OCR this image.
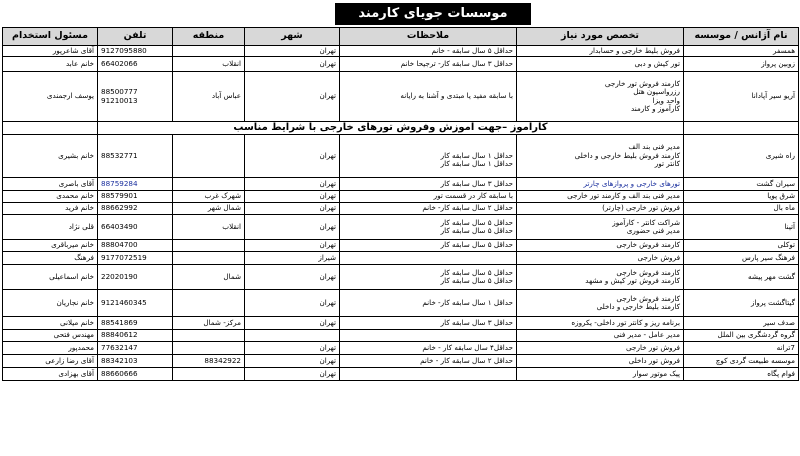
موسسات جویای کارمند
نام آژانس / موسسه	تخصص مورد نیاز	ملاحظات	شهر	منطقه	تلفن	مسئول استخدام

همسفر	فروش بلیط خارجی و حسابدار	حداقل ۵ سال سابقه - خانم	تهران		9127095880	آقای شاعرپور

زوبین پرواز	تور کیش و دبی	حداقل ۳ سال سابقه کار- ترجیحا خانم	تهران	انقلاب	66402066	خانم عابد

آریو سیر آپادانا	کارمند فروش تور خارجی
رزرواسیون هتل
واحد ویزا
کارآموز و کارمند	با سابقه مفید یا مبتدی و آشنا به رایانه	تهران	عباس آباد	88500777
91210013	یوسف ارجمندی

	کارآموز –جهت آموزش وفروش تورهای خارجی با شرایط مناسب					

راه شیری	مدیر فنی بند الف
کارمند فروش بلیط خارجی و داخلی
کانتر تور	حداقل ۱ سال سابقه کار
حداقل ۱ سال سابقه کار	تهران		88532771	خانم بشیری

سیران گشت	تورهای خارجی و پروازهای چارتر	حداقل ۳ سال سابقه کار	تهران		88759284	آقای باصری

شرق پویا	مدیر فنی بند الف و کارمند تور خارجی	با سابقه کار در قسمت تور	تهران	شهرک غرب	88579901	خانم محمدی

ماه بال	فروش تور خارجی (چارتر)	حداقل ۲ سال سابقه کار- خانم	تهران	شمال شهر	88662992	خانم فرید

آتینا	شراکت کانتر - کارآموز
مدیر فنی حضوری	حداقل ۵ سال سابقه کار
حداقل ۵ سال سابقه کار	تهران	انقلاب	66403490	قلی نژاد

توکلی	کارمند فروش خارجی	حداقل ۵ سال سابقه کار	تهران		88804700	خانم میرباقری

فرهنگ سیر پارس	فروش خارجی		شیراز		9177072519	فرهنگ

گشت مهر پیشه	کارمند فروش خارجی
کارمند فروش تور کیش و مشهد	حداقل ۵ سال سابقه کار
حداقل ۵ سال سابقه کار	تهران	شمال	22020190	خانم اسماعیلی

گیتاگشت پرواز	کارمند فروش خارجی
کارمند بلیط خارجی و داخلی	حداقل ۱ سال سابقه کار- خانم	تهران		9121460345	خانم نجاریان

صدف سیر	برنامه ریز و کانتر تور داخلی- یکروزه	حداقل ۳ سال سابقه کار	تهران	مرکز- شمال	88541869	خانم میلانی

گروه گردشگری بین الملل	مدیر عامل - مدیر فنی				88840612	مهندس فتحی

7ترانه	فروش تور خارجی	حداقل۴ سال سابقه کار - خانم	تهران		77632147	محمدپور

موسسه طبیعت گردی کوچ	فروش تور داخلی	حداقل ۲ سال سابقه کار - خانم	تهران	88342922	88342103	آقای رضا زارعی

فوام پگاه	پیک موتور سوار		تهران		88660666	آقای بهزادی
